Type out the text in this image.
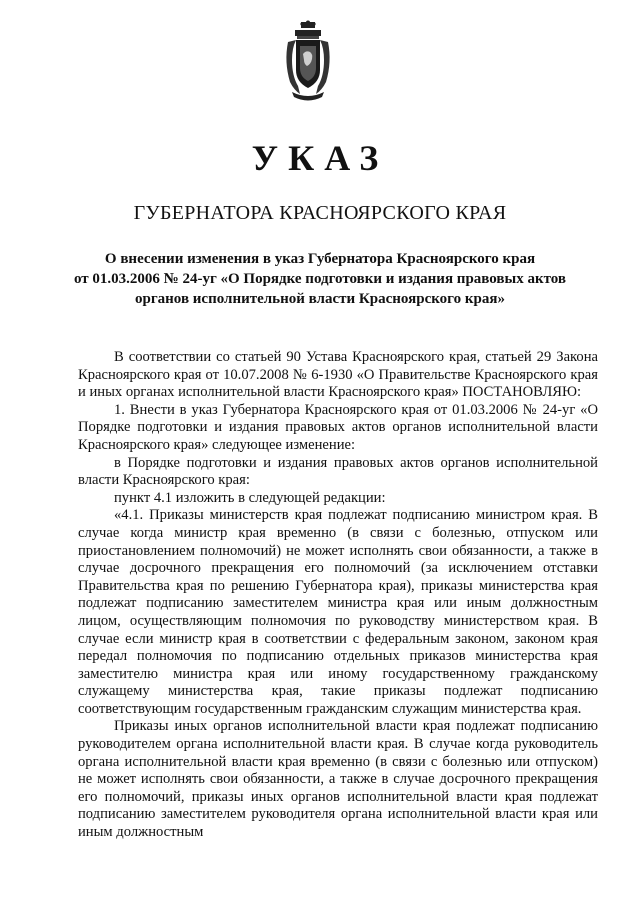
УКАЗ
ГУБЕРНАТОРА КРАСНОЯРСКОГО КРАЯ
О внесении изменения в указ Губернатора Красноярского края
от 01.03.2006 № 24-уг «О Порядке подготовки и издания правовых актов
органов исполнительной власти Красноярского края»

В соответствии со статьей 90 Устава Красноярского края, статьей 29 Закона Красноярского края от 10.07.2008 № 6-1930 «О Правительстве Красноярского края и иных органах исполнительной власти Красноярского края» ПОСТАНОВЛЯЮ:

1. Внести в указ Губернатора Красноярского края от 01.03.2006 № 24-уг «О Порядке подготовки и издания правовых актов органов исполнительной власти Красноярского края» следующее изменение:

в Порядке подготовки и издания правовых актов органов исполнительной власти Красноярского края:

пункт 4.1 изложить в следующей редакции:

«4.1. Приказы министерств края подлежат подписанию министром края. В случае когда министр края временно (в связи с болезнью, отпуском или приостановлением полномочий) не может исполнять свои обязанности, а также в случае досрочного прекращения его полномочий (за исключением отставки Правительства края по решению Губернатора края), приказы министерства края подлежат подписанию заместителем министра края или иным должностным лицом, осуществляющим полномочия по руководству министерством края. В случае если министр края в соответствии с федеральным законом, законом края передал полномочия по подписанию отдельных приказов министерства края заместителю министра края или иному государственному гражданскому служащему министерства края, такие приказы подлежат подписанию соответствующим государственным гражданским служащим министерства края.

Приказы иных органов исполнительной власти края подлежат подписанию руководителем органа исполнительной власти края. В случае когда руководитель органа исполнительной власти края временно (в связи с болезнью или отпуском) не может исполнять свои обязанности, а также в случае досрочного прекращения его полномочий, приказы иных органов исполнительной власти края подлежат подписанию заместителем руководителя органа исполнительной власти края или иным должностным
